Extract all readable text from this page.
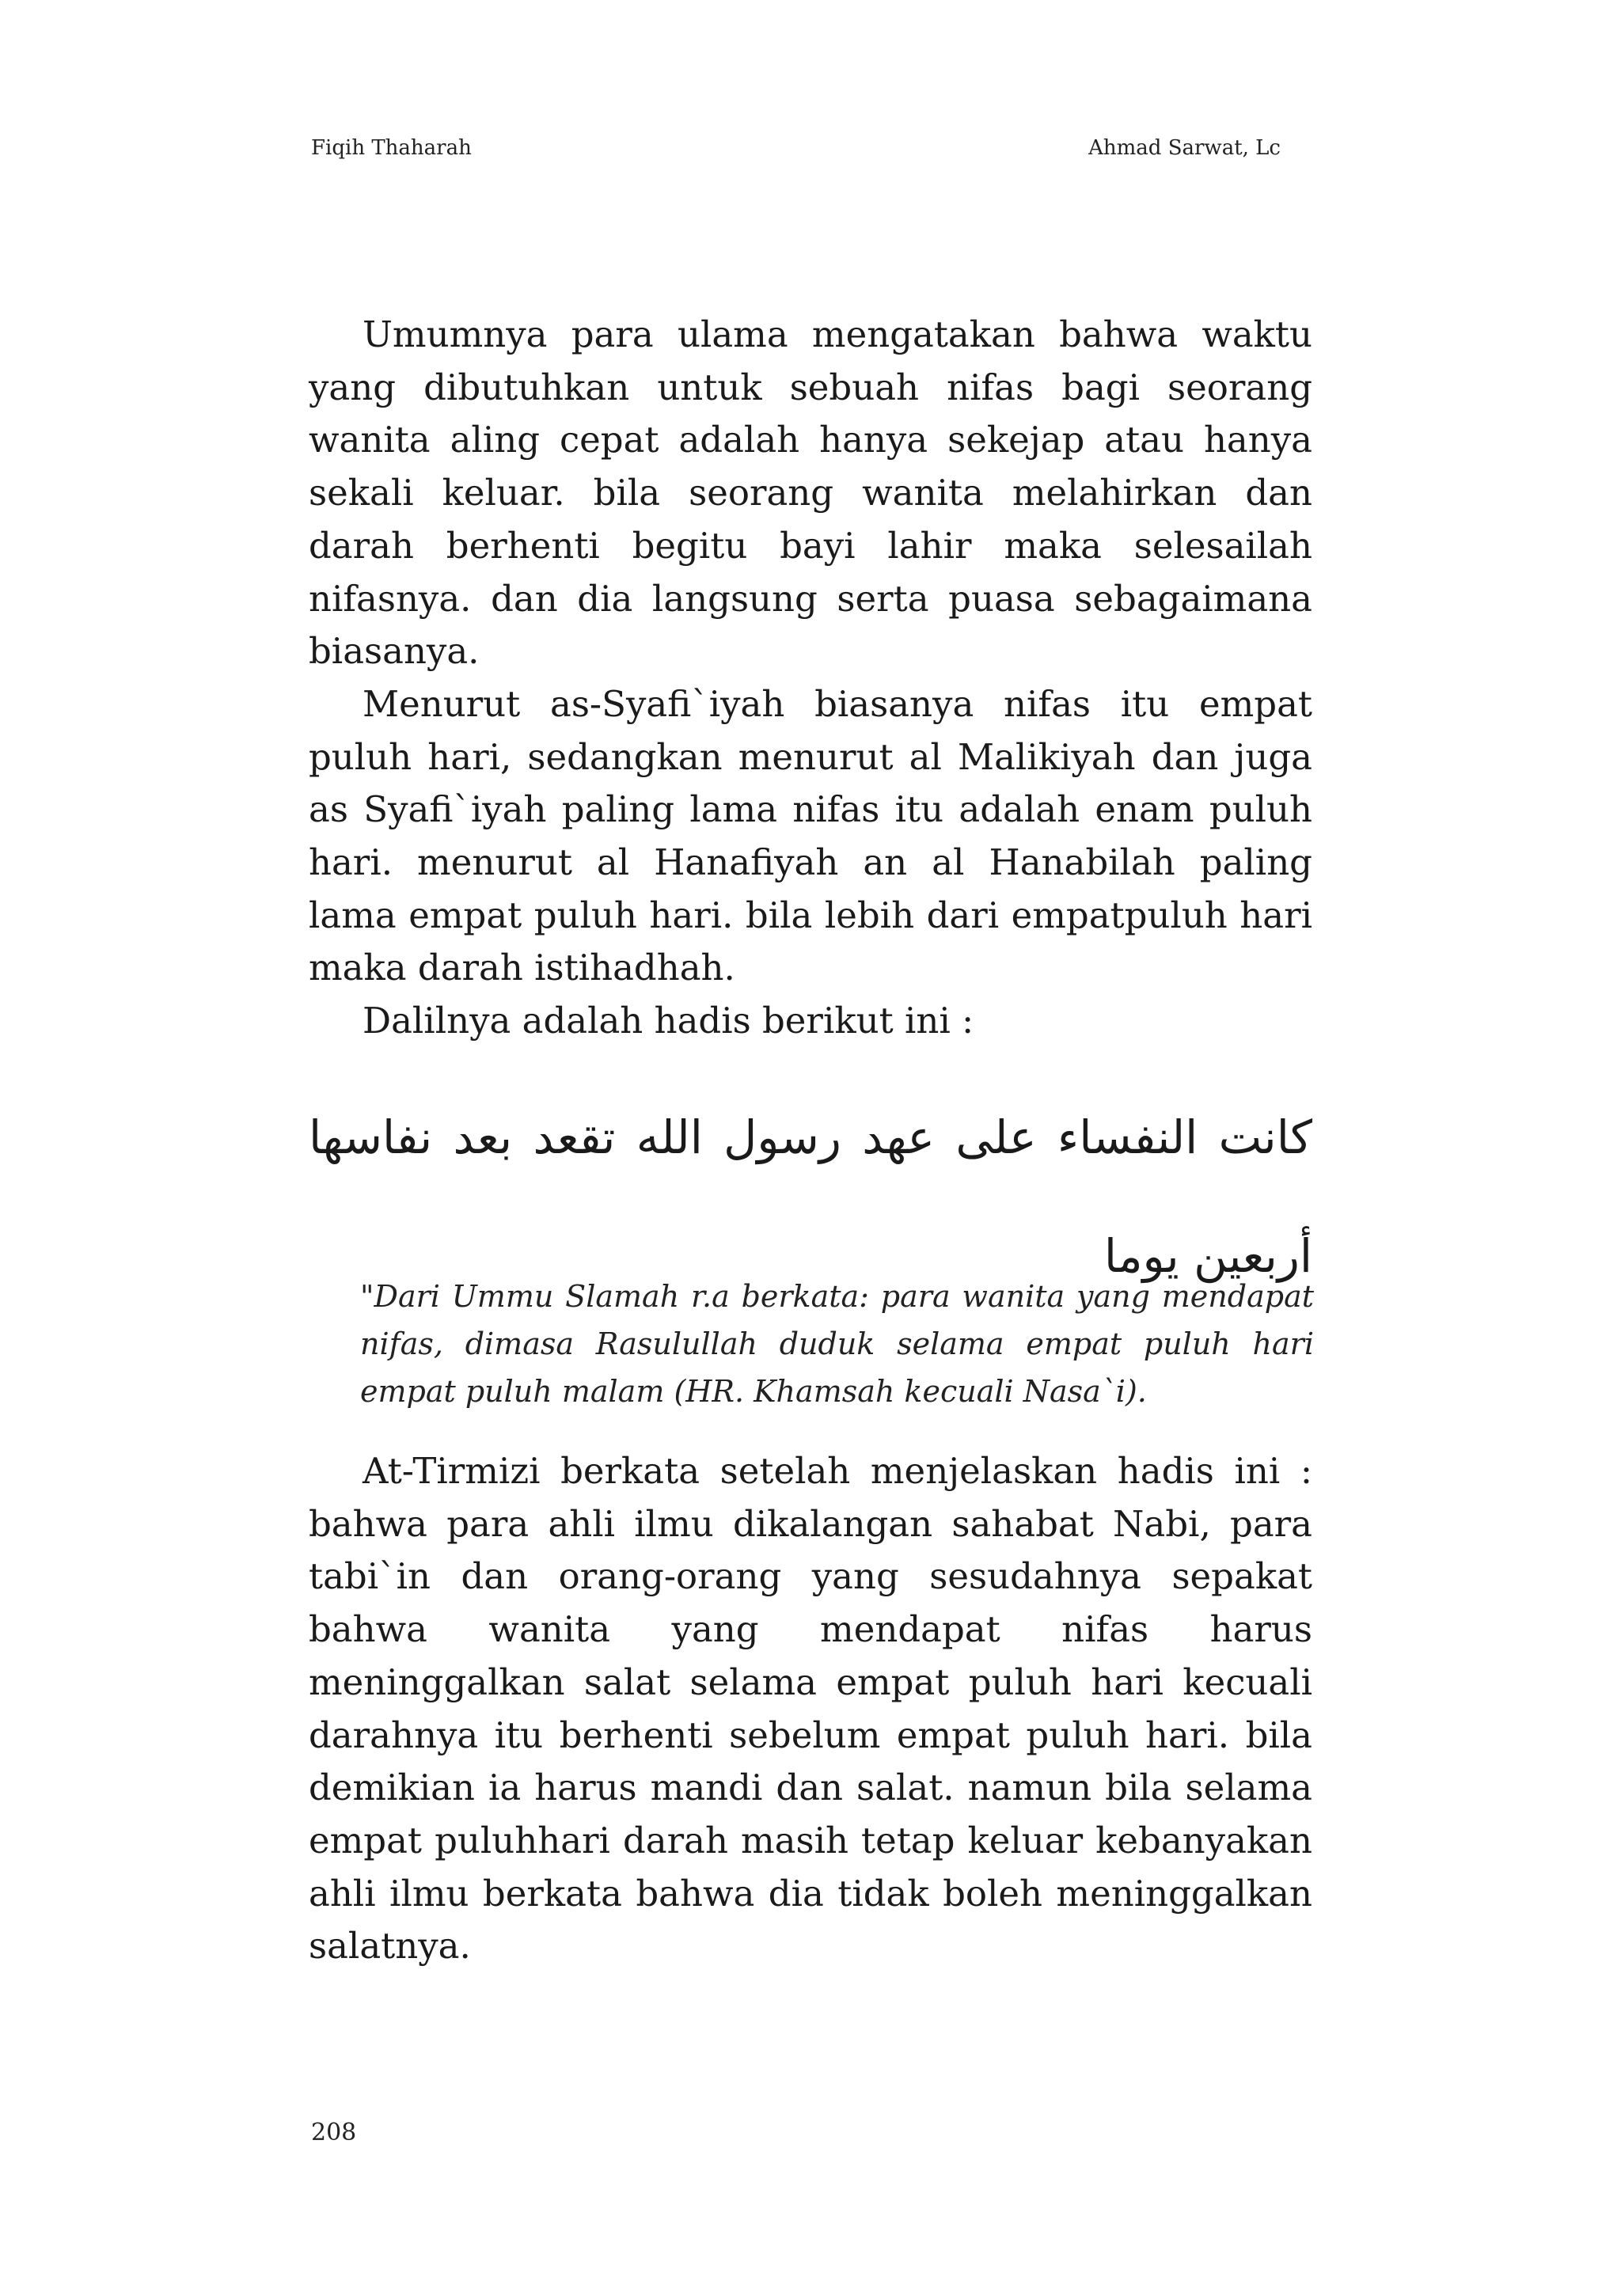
Fiqih Thaharah	Ahmad Sarwat, Lc

Umumnya para ulama mengatakan bahwa waktu yang dibutuhkan untuk sebuah nifas bagi seorang wanita aling cepat adalah hanya sekejap atau hanya sekali keluar. bila seorang wanita melahirkan dan darah berhenti begitu bayi lahir maka selesailah nifasnya. dan dia langsung serta puasa sebagaimana biasanya.

Menurut as-Syafi`iyah biasanya nifas itu empat puluh hari, sedangkan menurut al Malikiyah dan juga as Syafi`iyah paling lama nifas itu adalah enam puluh hari. menurut al Hanafiyah an al Hanabilah paling lama empat puluh hari. bila lebih dari empatpuluh hari maka darah istihadhah.

Dalilnya adalah hadis berikut ini :

كانت النفساء على عهد رسول الله تقعد بعد نفاسها أربعين يوما
"Dari Ummu Slamah r.a berkata: para wanita yang mendapat nifas, dimasa Rasulullah duduk selama empat puluh hari empat puluh malam (HR. Khamsah kecuali Nasa`i).

At-Tirmizi berkata setelah menjelaskan hadis ini : bahwa para ahli ilmu dikalangan sahabat Nabi, para tabi`in dan orang-orang yang sesudahnya sepakat bahwa wanita yang mendapat nifas harus meninggalkan salat selama empat puluh hari kecuali darahnya itu berhenti sebelum empat puluh hari. bila demikian ia harus mandi dan salat. namun bila selama empat puluhhari darah masih tetap keluar kebanyakan ahli ilmu berkata bahwa dia tidak boleh meninggalkan salatnya.

208
